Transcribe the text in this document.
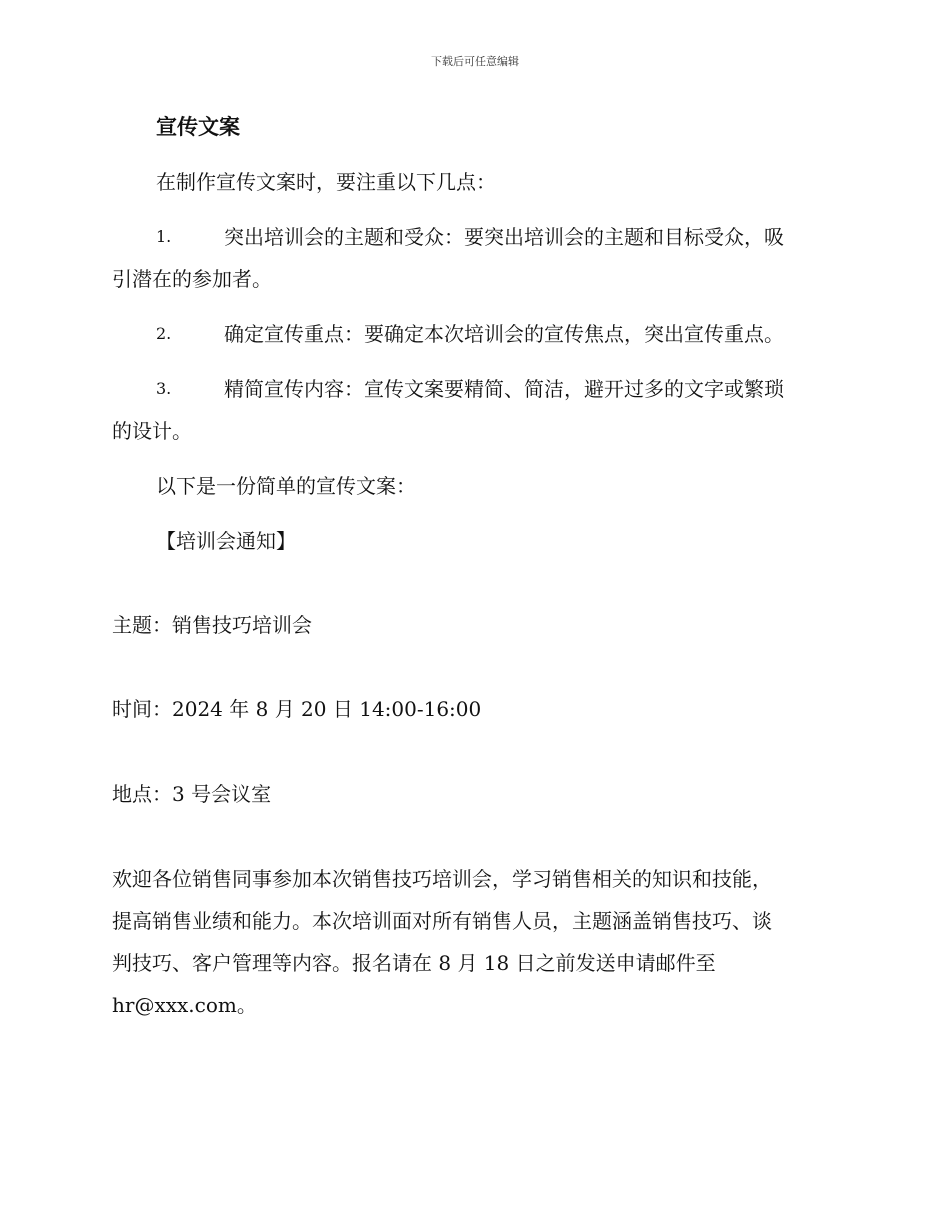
下载后可任意编辑
宣传文案
在制作宣传文案时，要注重以下几点：
1.	突出培训会的主题和受众：要突出培训会的主题和目标受众，吸
引潜在的参加者。
2.	确定宣传重点：要确定本次培训会的宣传焦点，突出宣传重点。
3.	精简宣传内容：宣传文案要精简、简洁，避开过多的文字或繁琐
的设计。
以下是一份简单的宣传文案：
【培训会通知】
主题：销售技巧培训会
时间：2024 年 8 月 20 日 14:00-16:00
地点：3 号会议室
欢迎各位销售同事参加本次销售技巧培训会，学习销售相关的知识和技能，
提高销售业绩和能力。本次培训面对所有销售人员，主题涵盖销售技巧、谈
判技巧、客户管理等内容。报名请在 8 月 18 日之前发送申请邮件至
hr@xxx.com。
